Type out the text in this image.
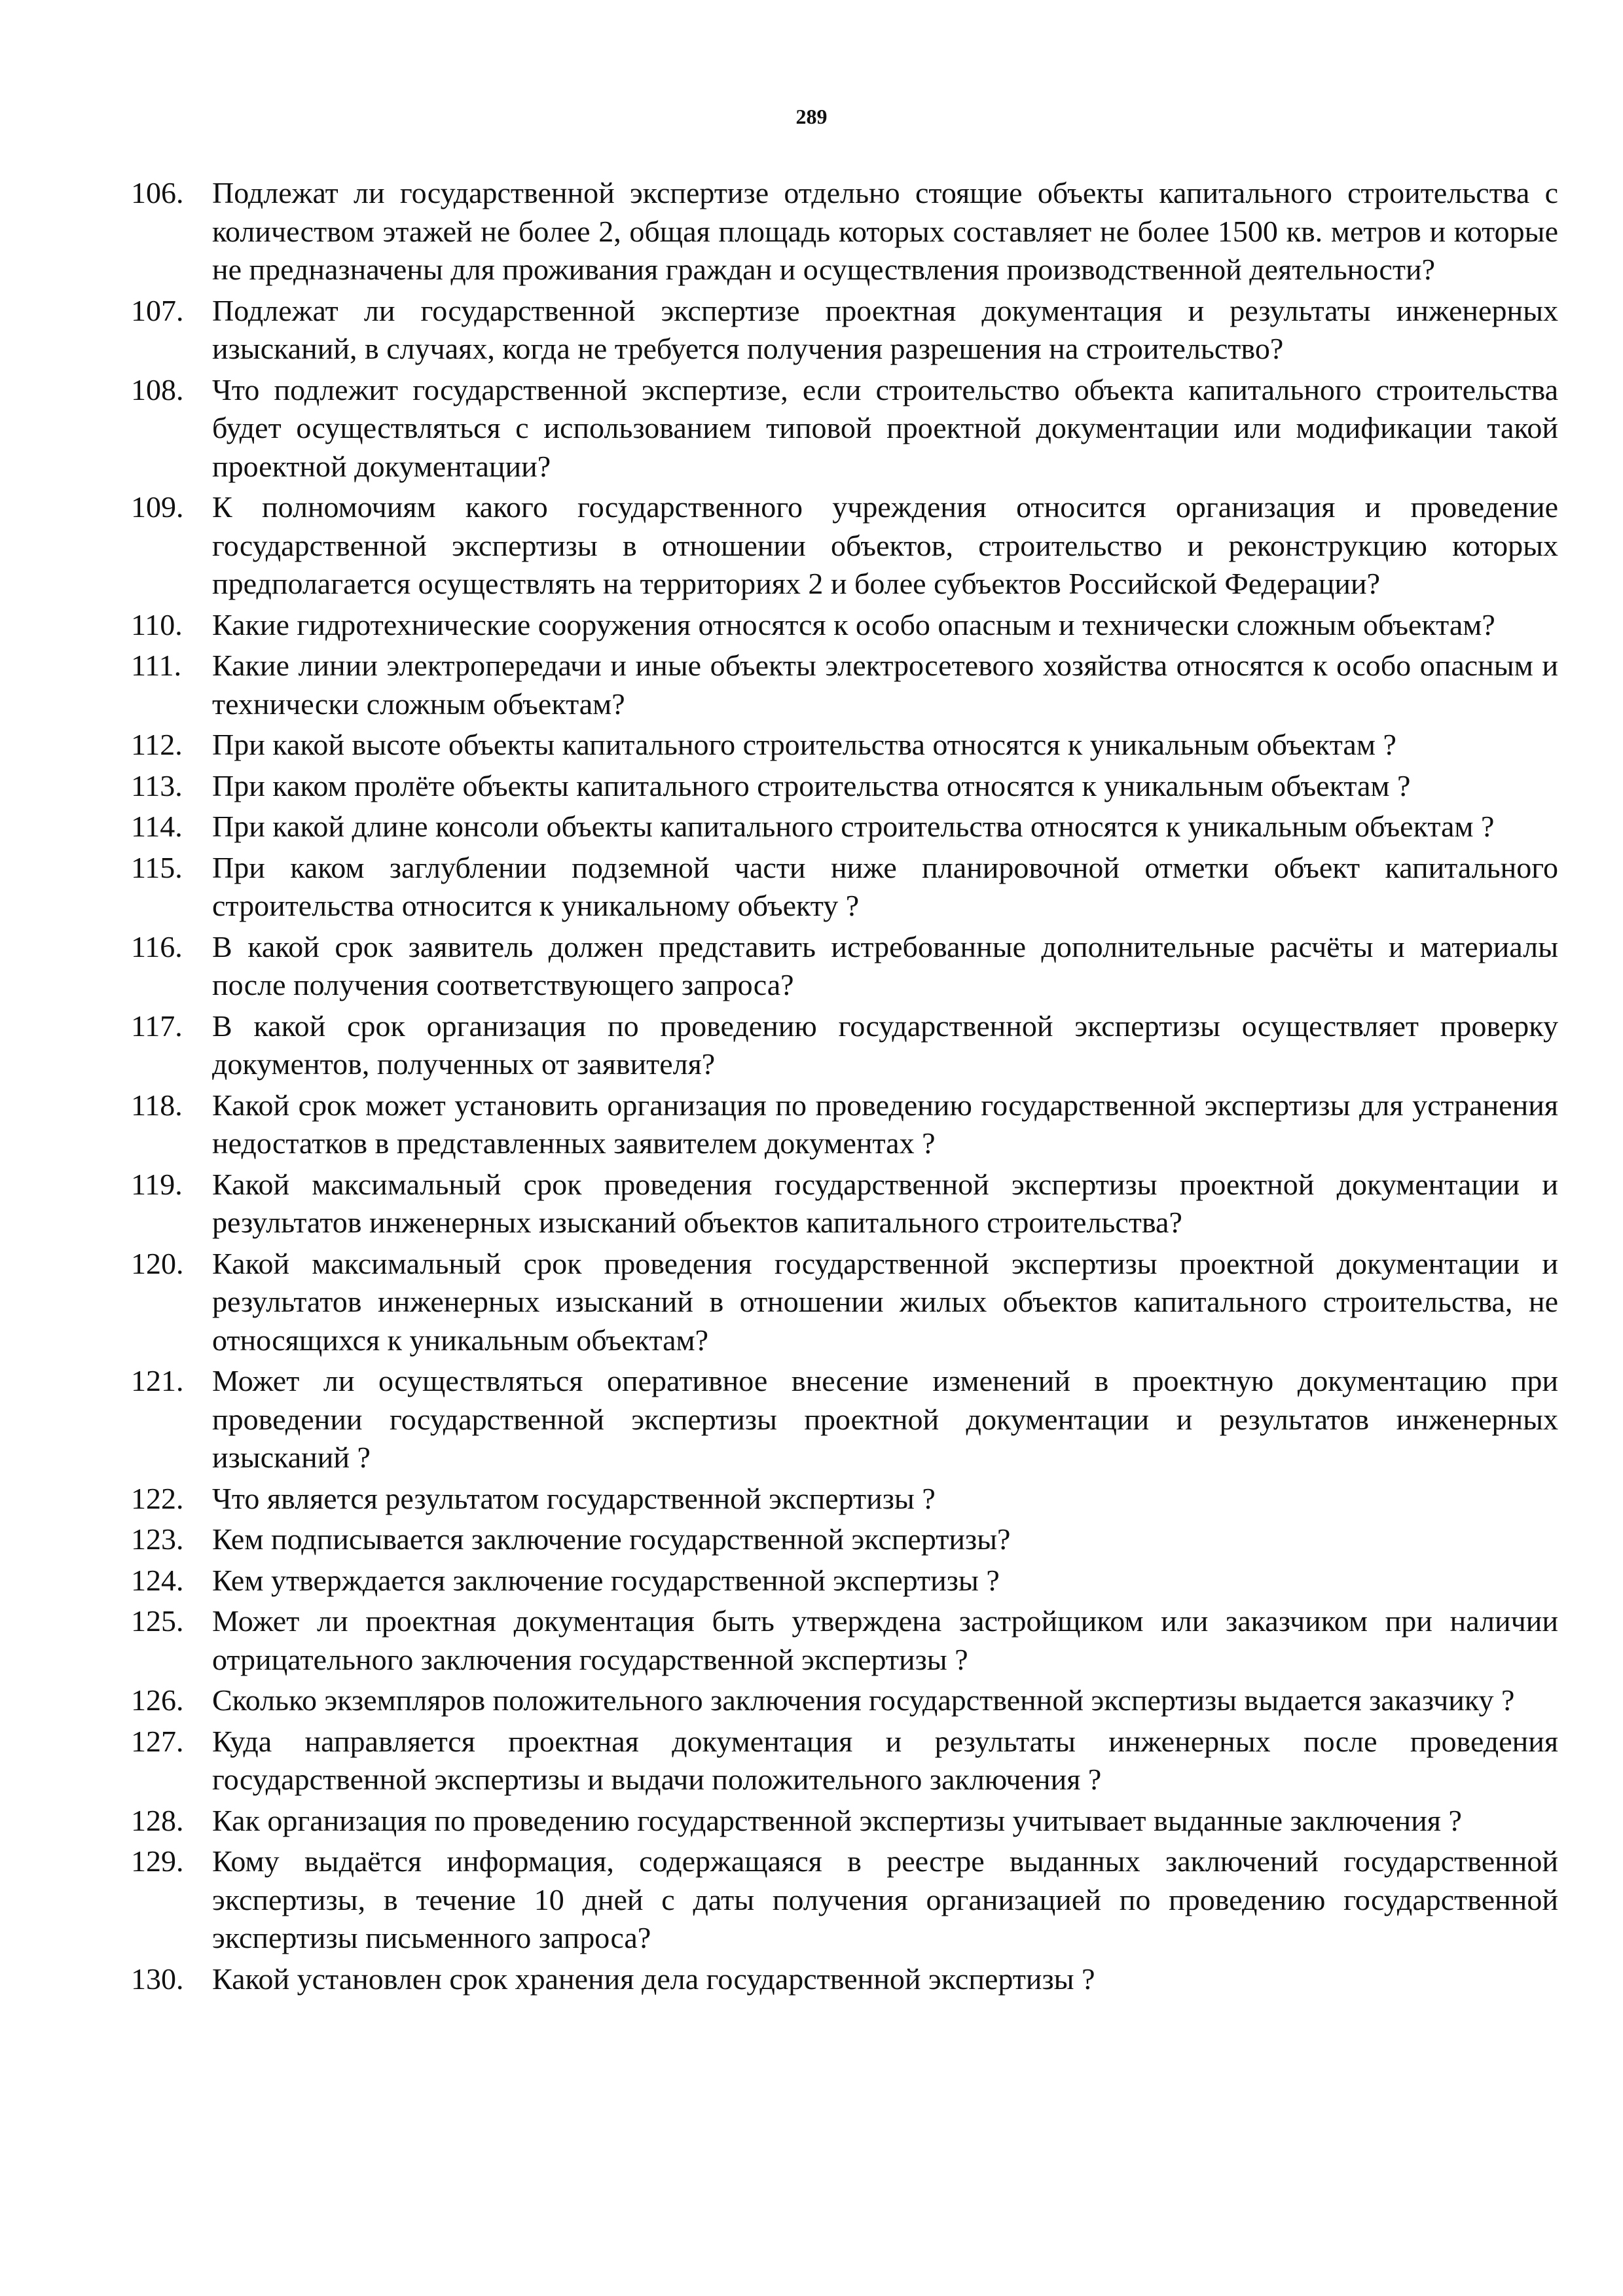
289
106. Подлежат ли государственной экспертизе отдельно стоящие объекты капитального строительства с количеством этажей не более 2, общая площадь которых составляет не более 1500 кв. метров и которые не предназначены для проживания граждан и осуществления производственной деятельности?
107. Подлежат ли государственной экспертизе проектная документация и результаты инженерных изысканий, в случаях, когда не требуется получения разрешения на строительство?
108. Что подлежит государственной экспертизе, если строительство объекта капитального строительства будет осуществляться с использованием типовой проектной документации или модификации такой проектной документации?
109. К полномочиям какого государственного учреждения относится организация и проведение государственной экспертизы в отношении объектов, строительство и реконструкцию которых предполагается осуществлять на территориях 2 и более субъектов Российской Федерации?
110. Какие гидротехнические сооружения относятся к особо опасным и технически сложным объектам?
111.	Какие линии электропередачи и иные объекты электросетевого хозяйства относятся к особо опасным и технически сложным объектам?
112. При какой высоте объекты капитального строительства относятся к уникальным объектам ?
113. При каком пролёте объекты капитального строительства относятся к уникальным объектам ?
114. При какой длине консоли объекты капитального строительства относятся к уникальным объектам ?
115. При каком заглублении подземной части ниже планировочной отметки объект капитального строительства относится к уникальному объекту ?
116. В какой срок заявитель должен представить истребованные дополнительные расчёты и материалы после получения соответствующего запроса?
117. В какой срок организация по проведению государственной экспертизы осуществляет проверку документов, полученных от заявителя?
118. Какой срок может установить организация по проведению государственной экспертизы для устранения недостатков в представленных заявителем документах ?
119. Какой максимальный срок проведения государственной экспертизы проектной документации и результатов инженерных изысканий объектов капитального строительства?
120. Какой максимальный срок проведения государственной экспертизы проектной документации и результатов инженерных изысканий в отношении жилых объектов капитального строительства, не относящихся к уникальным объектам?
121. Может ли осуществляться оперативное внесение изменений в проектную документацию при проведении государственной экспертизы проектной документации и результатов инженерных изысканий ?
122. Что является результатом государственной экспертизы ?
123. Кем подписывается заключение государственной экспертизы?
124. Кем утверждается заключение государственной экспертизы ?
125. Может ли проектная документация быть утверждена застройщиком или заказчиком при наличии отрицательного заключения государственной экспертизы ?
126. Сколько экземпляров положительного заключения государственной экспертизы выдается заказчику ?
127. Куда направляется проектная документация и результаты инженерных после проведения государственной экспертизы и выдачи положительного заключения ?
128. Как организация по проведению государственной экспертизы учитывает выданные заключения ?
129. Кому выдаётся информация, содержащаяся в реестре выданных заключений государственной экспертизы, в течение 10 дней с даты получения организацией по проведению государственной экспертизы письменного запроса?
130. Какой установлен срок хранения дела государственной экспертизы ?
